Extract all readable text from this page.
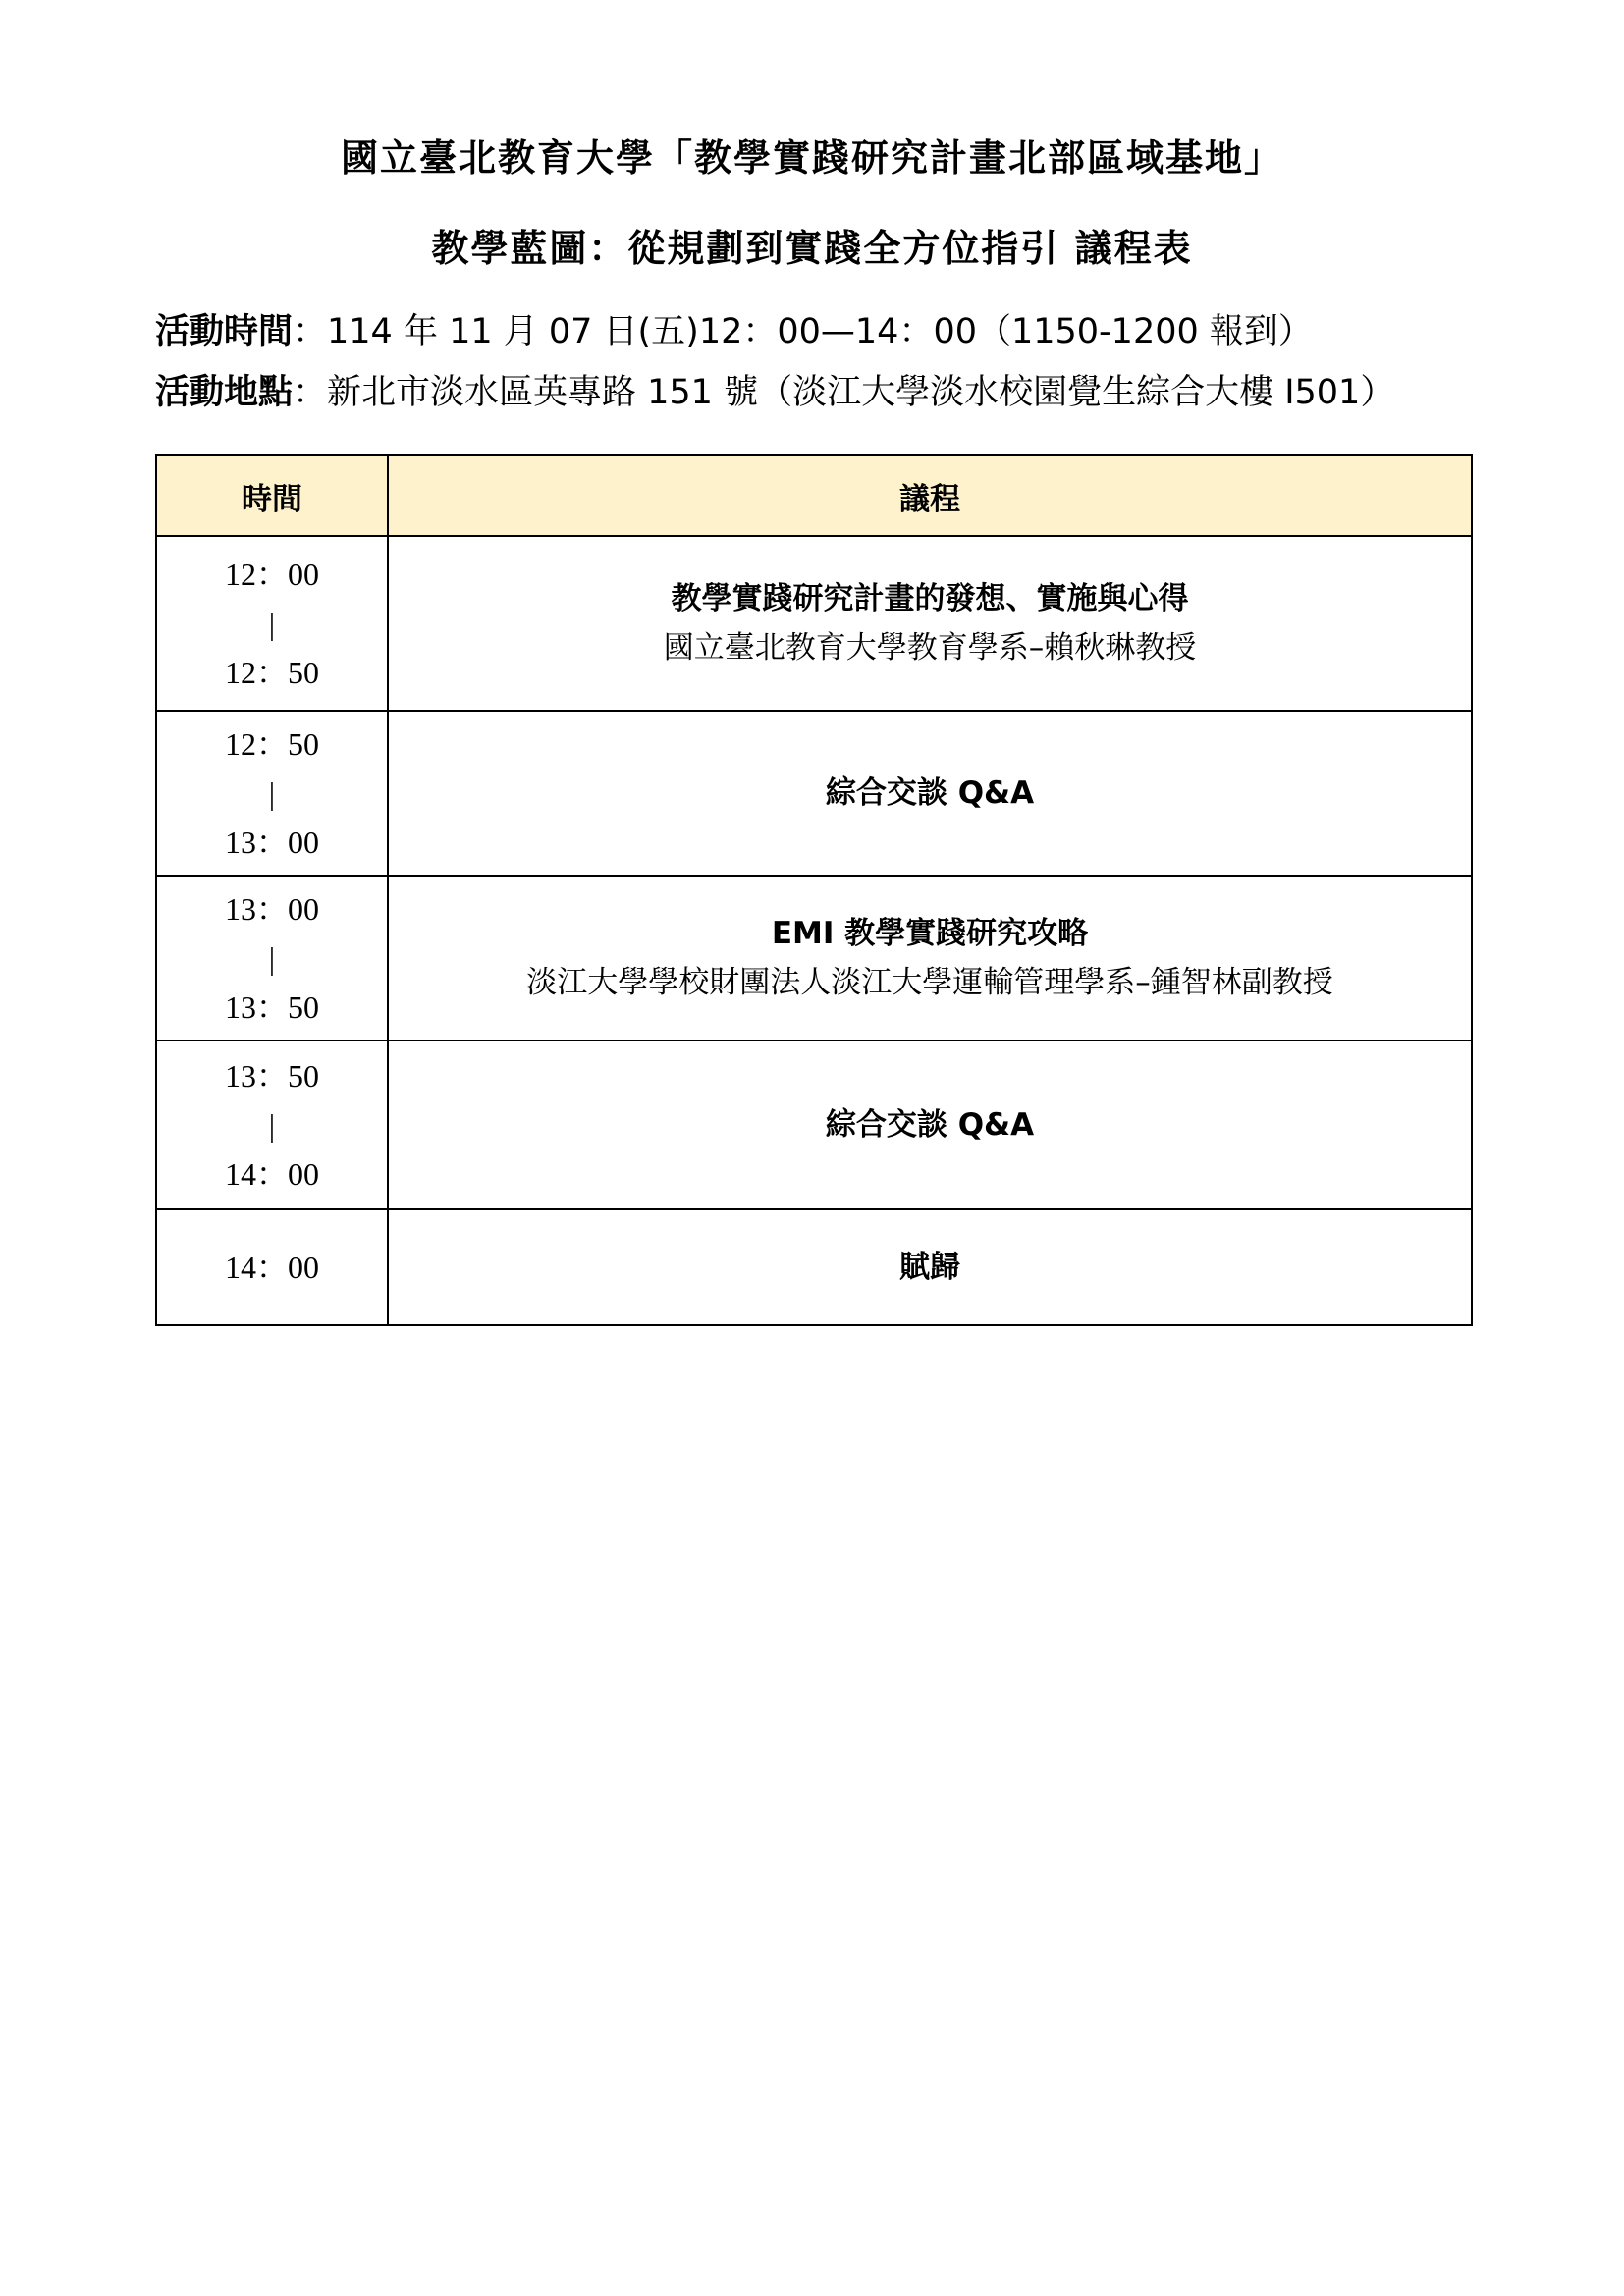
國立臺北教育大學「教學實踐研究計畫北部區域基地」
教學藍圖：從規劃到實踐全方位指引 議程表
活動時間：114 年 11 月 07 日(五)12：00—14：00（1150-1200 報到）
活動地點：新北市淡水區英專路 151 號（淡江大學淡水校園覺生綜合大樓 I501）
時間	議程

12：00
|
12：50	教學實踐研究計畫的發想、實施與心得
國立臺北教育大學教育學系–賴秋琳教授

12：50
|
13：00	綜合交談 Q&A

13：00
|
13：50	EMI 教學實踐研究攻略
淡江大學學校財團法人淡江大學運輸管理學系–鍾智林副教授

13：50
|
14：00	綜合交談 Q&A

14：00	賦歸
